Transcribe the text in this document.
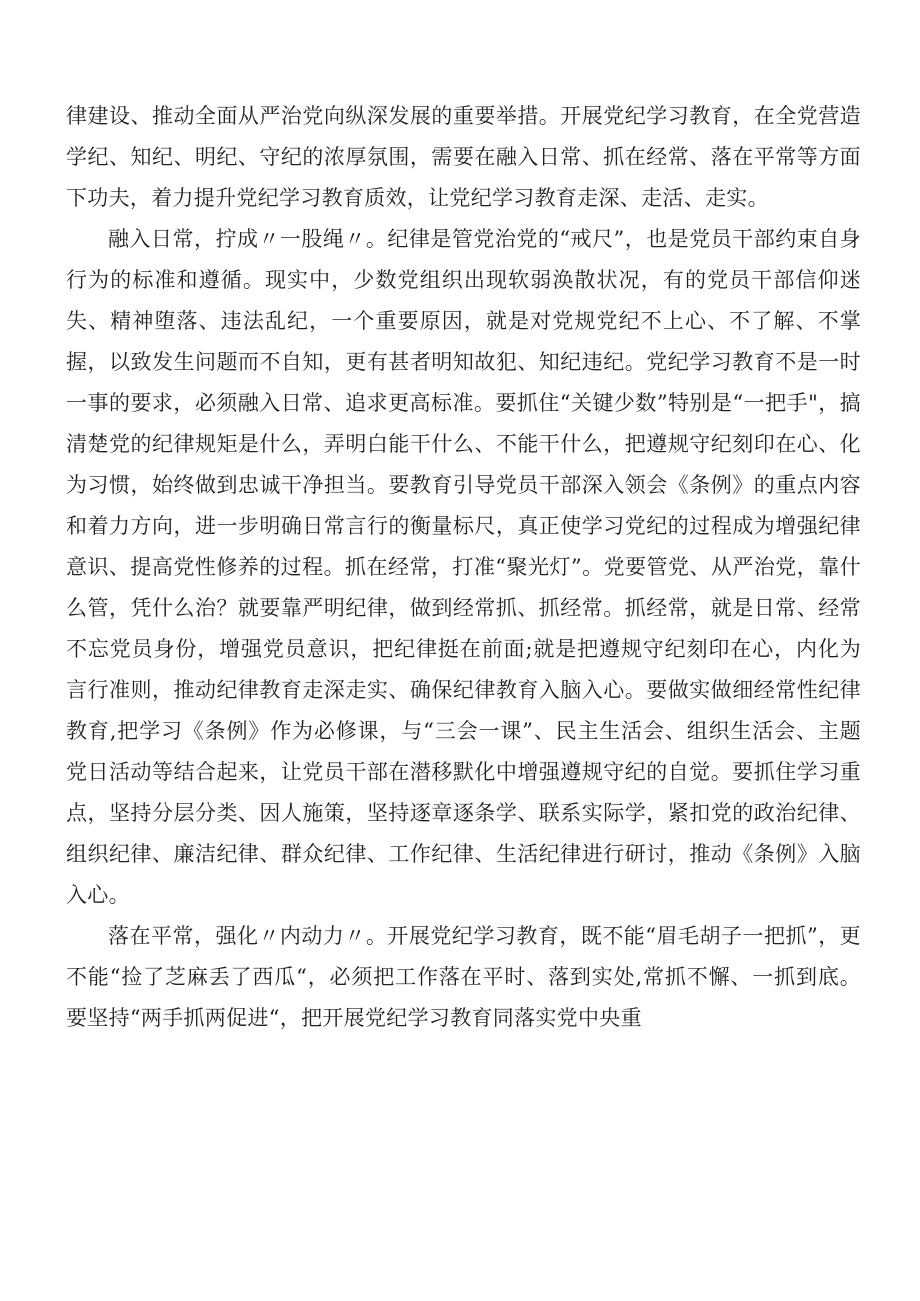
律建设、推动全面从严治党向纵深发展的重要举措。开展党纪学习教育，在全党营造学纪、知纪、明纪、守纪的浓厚氛围，需要在融入日常、抓在经常、落在平常等方面下功夫，着力提升党纪学习教育质效，让党纪学习教育走深、走活、走实。

融入日常，拧成〃一股绳〃。纪律是管党治党的“戒尺”，也是党员干部约束自身行为的标准和遵循。现实中，少数党组织出现软弱涣散状况，有的党员干部信仰迷失、精神堕落、违法乱纪，一个重要原因，就是对党规党纪不上心、不了解、不掌握，以致发生问题而不自知，更有甚者明知故犯、知纪违纪。党纪学习教育不是一时一事的要求，必须融入日常、追求更高标准。要抓住“关键少数”特别是“一把手"，搞清楚党的纪律规矩是什么，弄明白能干什么、不能干什么，把遵规守纪刻印在心、化为习惯，始终做到忠诚干净担当。要教育引导党员干部深入领会《条例》的重点内容和着力方向，进一步明确日常言行的衡量标尺，真正使学习党纪的过程成为增强纪律意识、提高党性修养的过程。抓在经常，打准“聚光灯”。党要管党、从严治党，靠什么管，凭什么治？就要靠严明纪律，做到经常抓、抓经常。抓经常，就是日常、经常不忘党员身份，增强党员意识，把纪律挺在前面;就是把遵规守纪刻印在心，内化为言行准则，推动纪律教育走深走实、确保纪律教育入脑入心。要做实做细经常性纪律教育,把学习《条例》作为必修课，与“三会一课”、民主生活会、组织生活会、主题党日活动等结合起来，让党员干部在潜移默化中增强遵规守纪的自觉。要抓住学习重点，坚持分层分类、因人施策，坚持逐章逐条学、联系实际学，紧扣党的政治纪律、组织纪律、廉洁纪律、群众纪律、工作纪律、生活纪律进行研讨，推动《条例》入脑入心。

落在平常，强化〃内动力〃。开展党纪学习教育，既不能“眉毛胡子一把抓”，更不能“捡了芝麻丢了西瓜“，必须把工作落在平时、落到实处,常抓不懈、一抓到底。要坚持“两手抓两促进“，把开展党纪学习教育同落实党中央重
